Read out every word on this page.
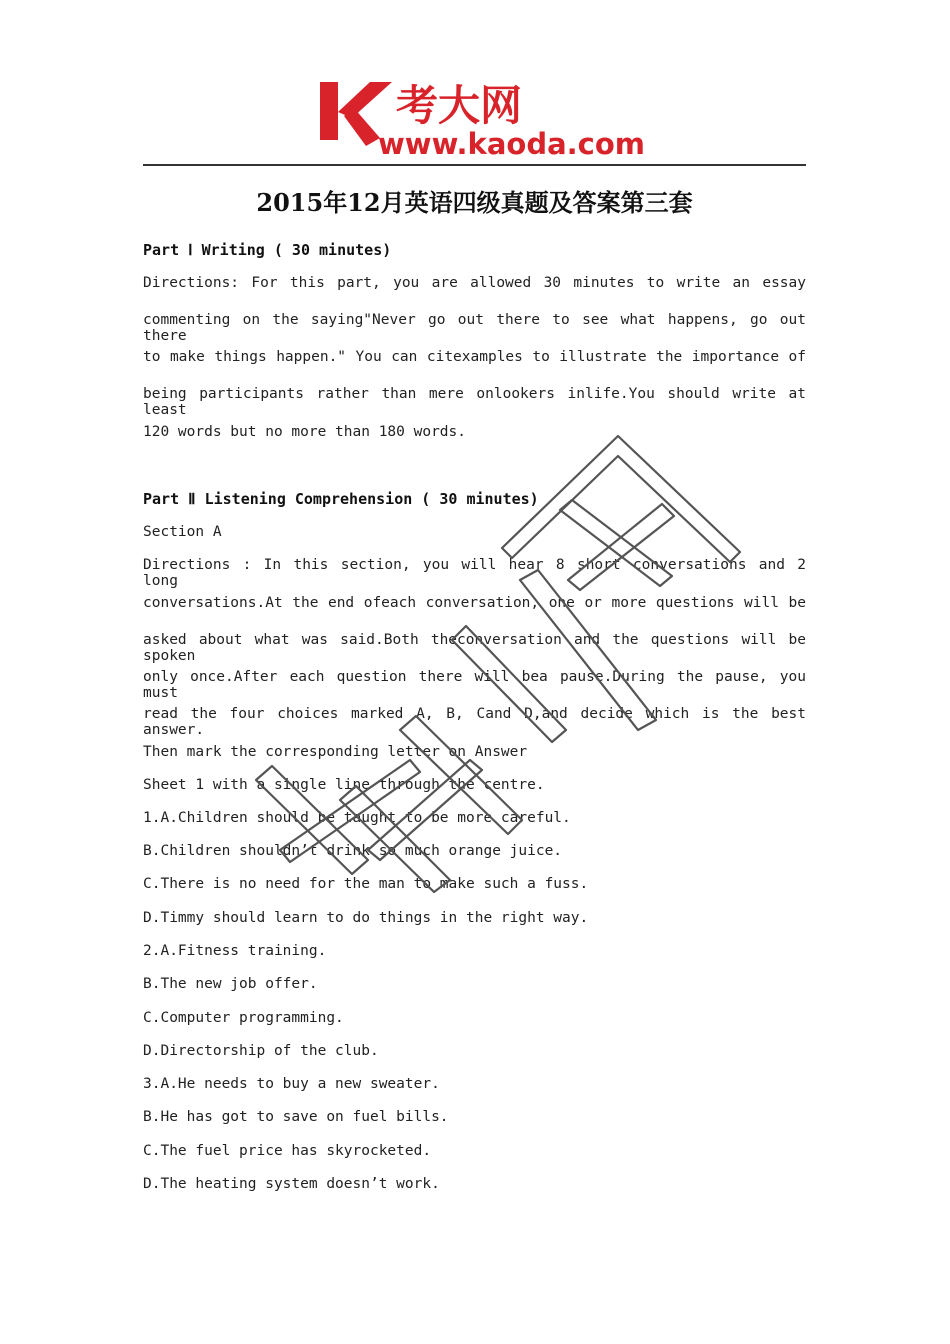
考大网
www.kaoda.com
2015年12月英语四级真题及答案第三套
Part Ⅰ Writing ( 30 minutes)
Directions: For this part, you are allowed 30 minutes to write an essay
commenting on the saying"Never go out there to see what happens, go out there
to make things happen." You can citexamples to illustrate the importance of
being participants rather than mere onlookers inlife.You should write at least
120 words but no more than 180 words.
Part Ⅱ Listening Comprehension ( 30 minutes)
Section A
Directions : In this section, you will hear 8 short conversations and 2 long
conversations.At the end ofeach conversation, one or more questions will be
asked about what was said.Both theconversation and the questions will be spoken
only once.After each question there will bea pause.During the pause, you must
read the four choices marked A, B, Cand D,and decide which is the best answer.
Then mark the corresponding letter on Answer
Sheet 1 with a single line through the centre.
1.A.Children should be taught to be more careful.
B.Children shouldn’t drink so much orange juice.
C.There is no need for the man to make such a fuss.
D.Timmy should learn to do things in the right way.
2.A.Fitness training.
B.The new job offer.
C.Computer programming.
D.Directorship of the club.
3.A.He needs to buy a new sweater.
B.He has got to save on fuel bills.
C.The fuel price has skyrocketed.
D.The heating system doesn’t work.
